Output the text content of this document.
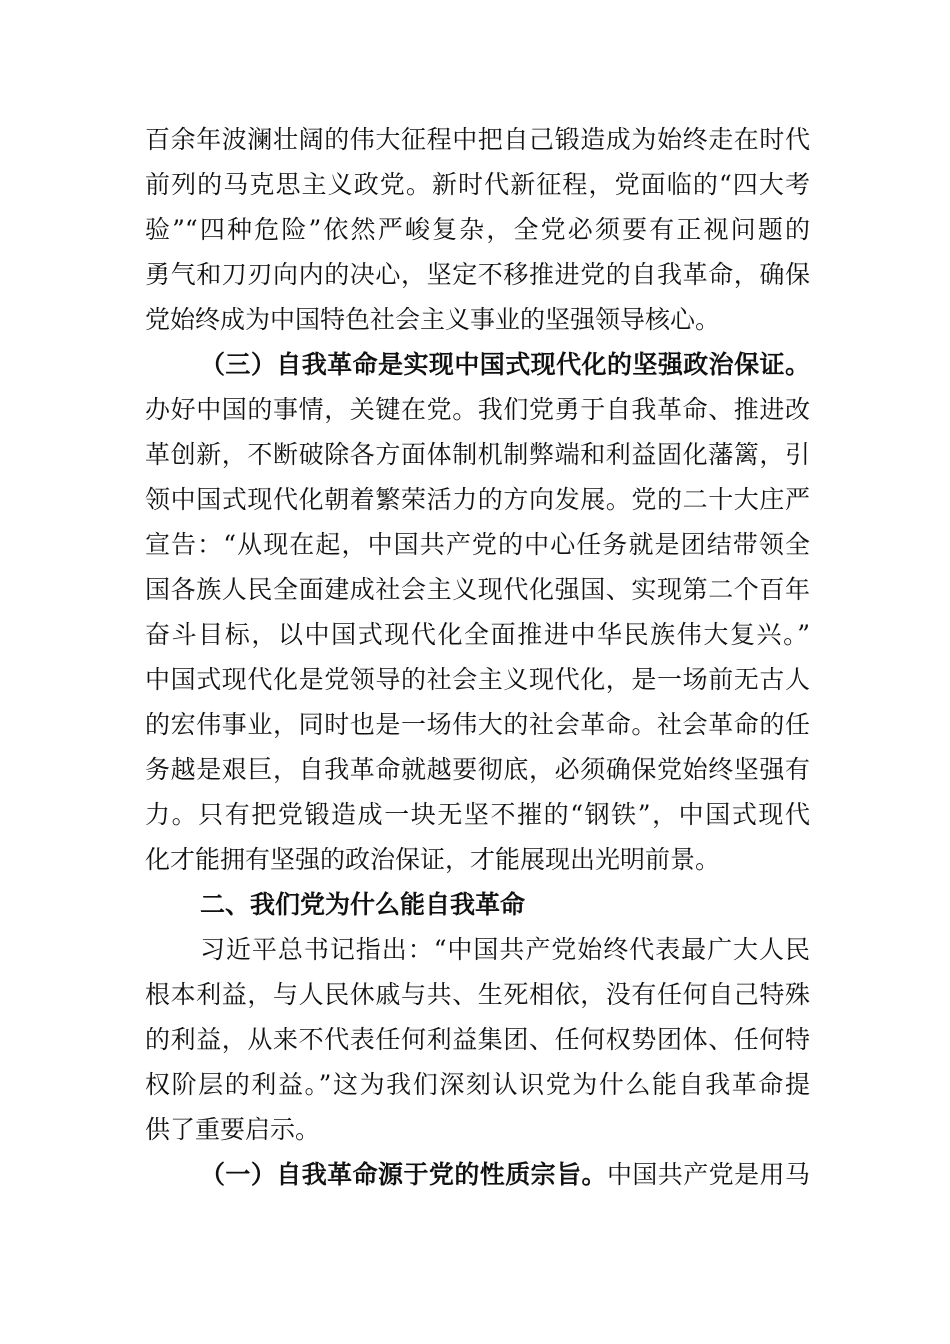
百余年波澜壮阔的伟大征程中把自己锻造成为始终走在时代
前列的马克思主义政党。新时代新征程，党面临的“四大考
验”“四种危险”依然严峻复杂，全党必须要有正视问题的
勇气和刀刃向内的决心，坚定不移推进党的自我革命，确保
党始终成为中国特色社会主义事业的坚强领导核心。
（三）自我革命是实现中国式现代化的坚强政治保证。
办好中国的事情，关键在党。我们党勇于自我革命、推进改
革创新，不断破除各方面体制机制弊端和利益固化藩篱，引
领中国式现代化朝着繁荣活力的方向发展。党的二十大庄严
宣告：“从现在起，中国共产党的中心任务就是团结带领全
国各族人民全面建成社会主义现代化强国、实现第二个百年
奋斗目标，以中国式现代化全面推进中华民族伟大复兴。”
中国式现代化是党领导的社会主义现代化，是一场前无古人
的宏伟事业，同时也是一场伟大的社会革命。社会革命的任
务越是艰巨，自我革命就越要彻底，必须确保党始终坚强有
力。只有把党锻造成一块无坚不摧的“钢铁”，中国式现代
化才能拥有坚强的政治保证，才能展现出光明前景。
二、我们党为什么能自我革命
习近平总书记指出：“中国共产党始终代表最广大人民
根本利益，与人民休戚与共、生死相依，没有任何自己特殊
的利益，从来不代表任何利益集团、任何权势团体、任何特
权阶层的利益。”这为我们深刻认识党为什么能自我革命提
供了重要启示。
（一）自我革命源于党的性质宗旨。中国共产党是用马
